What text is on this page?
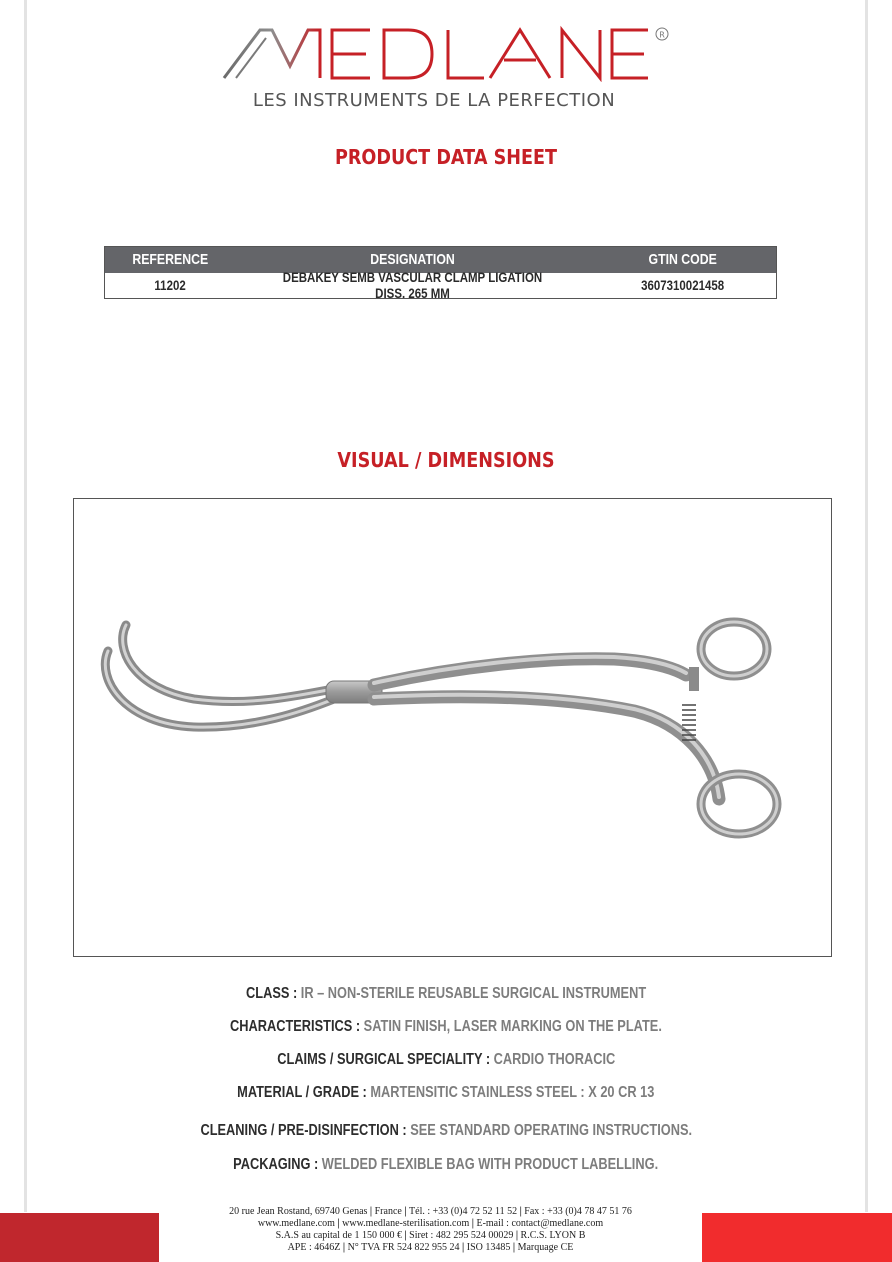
R
LES INSTRUMENTS DE LA PERFECTION
PRODUCT DATA SHEET
REFERENCE	DESIGNATION	GTIN CODE
11202	DEBAKEY SEMB VASCULAR CLAMP LIGATION DISS. 265 MM	3607310021458
VISUAL / DIMENSIONS
CLASS : IR – NON-STERILE REUSABLE SURGICAL INSTRUMENT
CHARACTERISTICS : SATIN FINISH, LASER MARKING ON THE PLATE.
CLAIMS / SURGICAL SPECIALITY : CARDIO THORACIC
MATERIAL / GRADE : MARTENSITIC STAINLESS STEEL : X 20 CR 13
CLEANING / PRE-DISINFECTION : SEE STANDARD OPERATING INSTRUCTIONS.
PACKAGING : WELDED FLEXIBLE BAG WITH PRODUCT LABELLING.
20 rue Jean Rostand, 69740 Genas | France | Tél. : +33 (0)4 72 52 11 52 | Fax : +33 (0)4 78 47 51 76
www.medlane.com | www.medlane-sterilisation.com | E-mail : contact@medlane.com
S.A.S au capital de 1 150 000 € | Siret : 482 295 524 00029 | R.C.S. LYON B
APE : 4646Z | N° TVA FR 524 822 955 24 | ISO 13485 | Marquage CE
